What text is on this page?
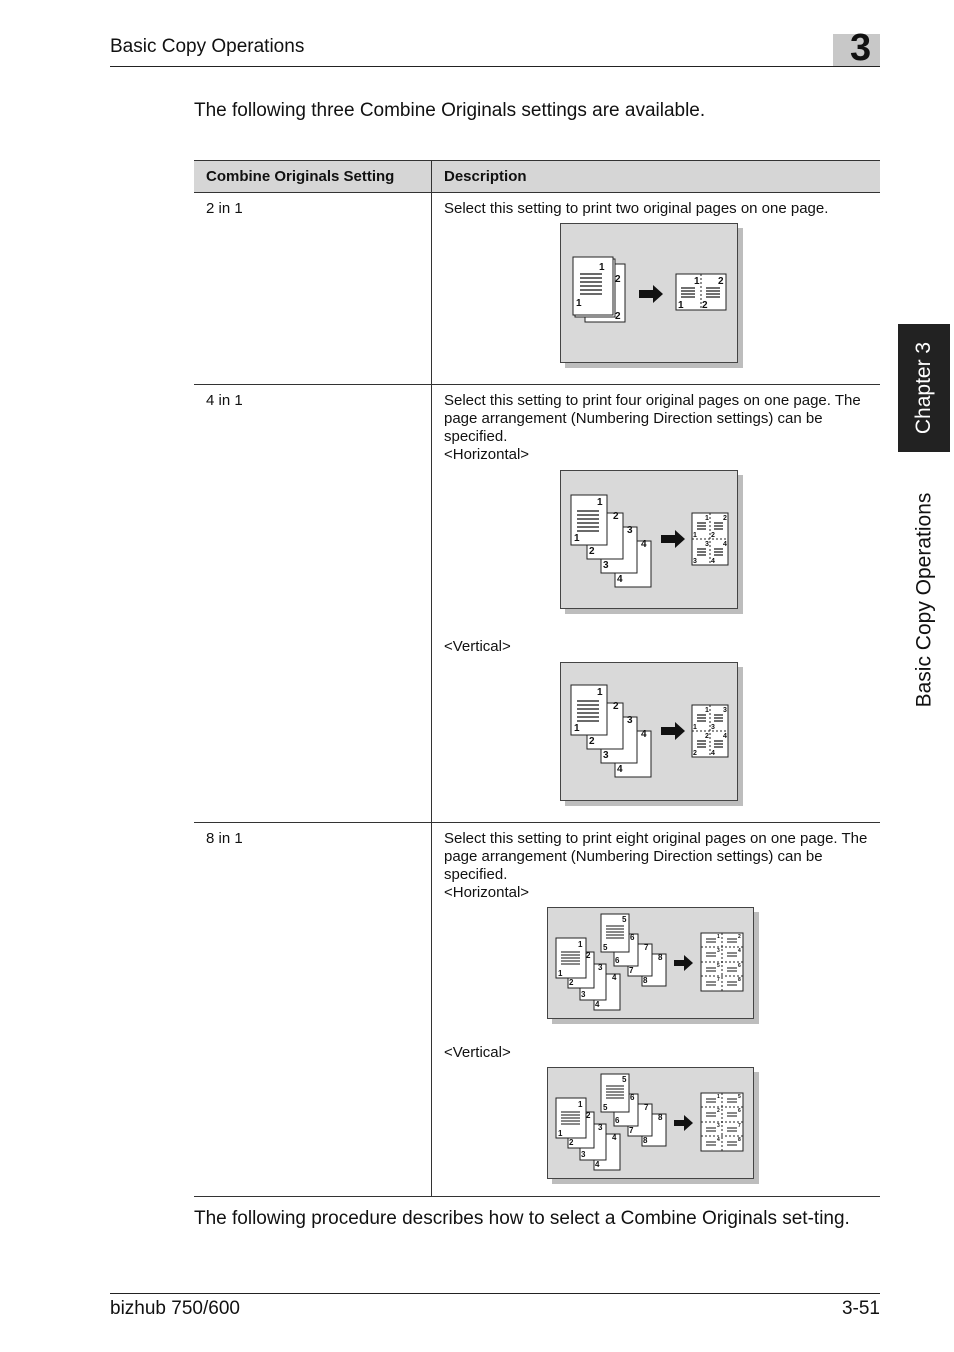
Basic Copy Operations	3
Chapter 3
Basic Copy Operations
The following three Combine Originals settings are available.
Combine Originals Setting	Description
2 in 1	Select this setting to print two original pages on one page.
2
1
2
1
1 2
1 2
4 in 1	Select this setting to print four original pages on one page. The page arrangement (Numbering Direction settings) can be specified.
<Horizontal>
4
4
3
3
2
2
1
1
1 2
1 2
3 4
3 4
<Vertical>
4
4
3
3
2
2
1
1
1 3
1 3
2 4
2 4
8 in 1	Select this setting to print eight original pages on one page. The page arrangement (Numbering Direction settings) can be specified.
<Horizontal>
8
8
7
7
6
6
5
5
4
4
3
3
2
2
1
1
1	2
3	4
5	6
7	8
<Vertical>
8
8
7
7
6
6
5
5
4
4
3
3
2
2
1
1
1	5
2	6
3	7
4	8
The following procedure describes how to select a Combine Originals set-ting.
bizhub 750/600	3-51
